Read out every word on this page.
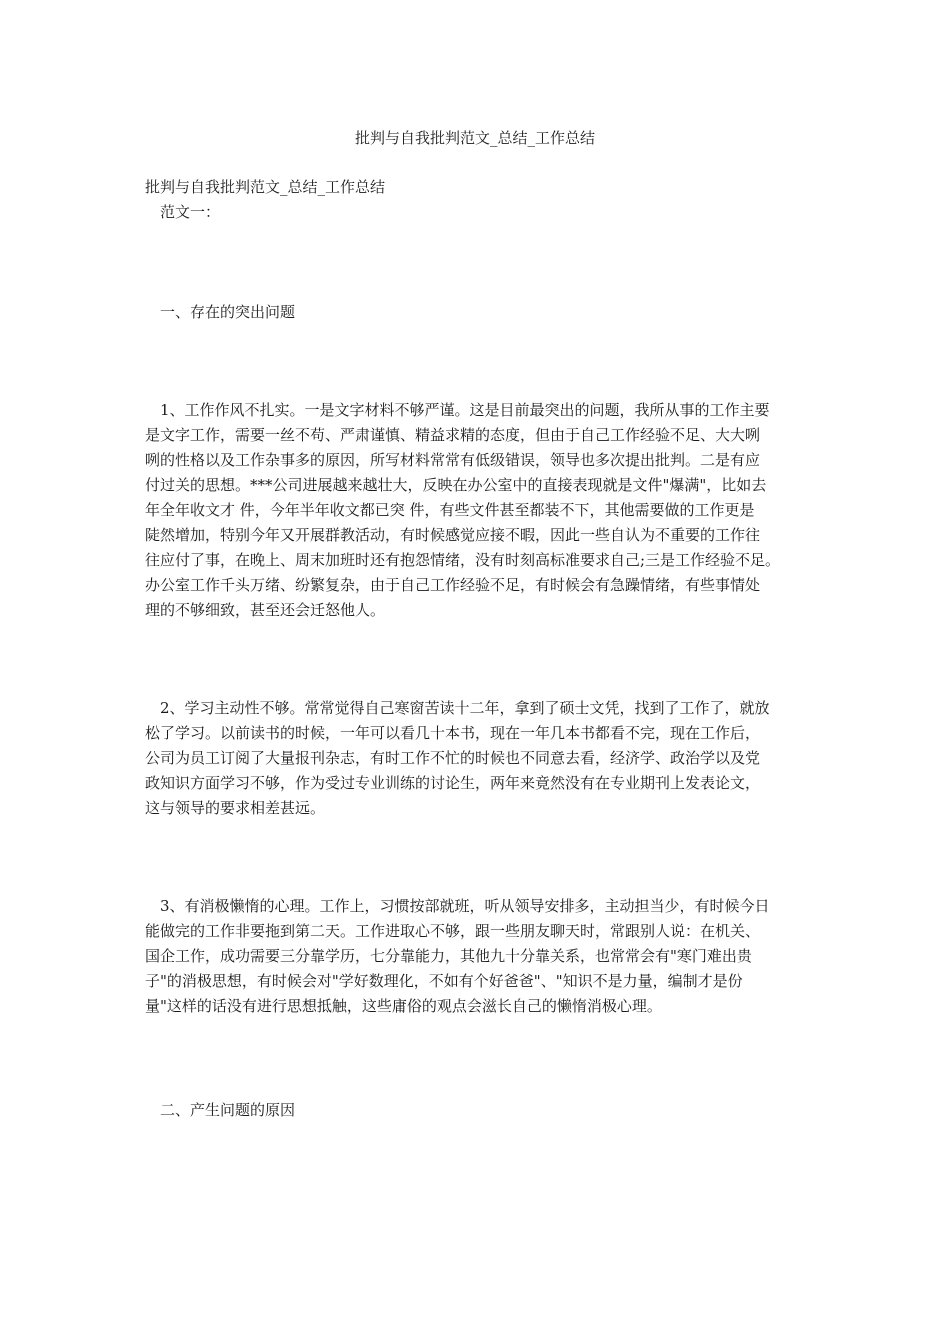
批判与自我批判范文_总结_工作总结

批判与自我批判范文_总结_工作总结

范文一：

一、存在的突出问题

1、工作作风不扎实。一是文字材料不够严谨。这是目前最突出的问题，我所从事的工作主要
是文字工作，需要一丝不苟、严肃谨慎、精益求精的态度，但由于自己工作经验不足、大大咧
咧的性格以及工作杂事多的原因，所写材料常常有低级错误，领导也多次提出批判。二是有应
付过关的思想。***公司进展越来越壮大，反映在办公室中的直接表现就是文件"爆满"，比如去
年全年收文才 件，今年半年收文都已突 件，有些文件甚至都装不下，其他需要做的工作更是
陡然增加，特别今年又开展群教活动，有时候感觉应接不暇，因此一些自认为不重要的工作往
往应付了事，在晚上、周末加班时还有抱怨情绪，没有时刻高标准要求自己;三是工作经验不足。
办公室工作千头万绪、纷繁复杂，由于自己工作经验不足，有时候会有急躁情绪，有些事情处
理的不够细致，甚至还会迁怒他人。
2、学习主动性不够。常常觉得自己寒窗苦读十二年，拿到了硕士文凭，找到了工作了，就放
松了学习。以前读书的时候，一年可以看几十本书，现在一年几本书都看不完，现在工作后，
公司为员工订阅了大量报刊杂志，有时工作不忙的时候也不同意去看，经济学、政治学以及党
政知识方面学习不够，作为受过专业训练的讨论生，两年来竟然没有在专业期刊上发表论文，
这与领导的要求相差甚远。
3、有消极懒惰的心理。工作上，习惯按部就班，听从领导安排多，主动担当少，有时候今日
能做完的工作非要拖到第二天。工作进取心不够，跟一些朋友聊天时，常跟别人说：在机关、
国企工作，成功需要三分靠学历，七分靠能力，其他九十分靠关系，也常常会有"寒门难出贵
子"的消极思想，有时候会对"学好数理化，不如有个好爸爸"、"知识不是力量，编制才是份
量"这样的话没有进行思想抵触，这些庸俗的观点会滋长自己的懒惰消极心理。

二、产生问题的原因
